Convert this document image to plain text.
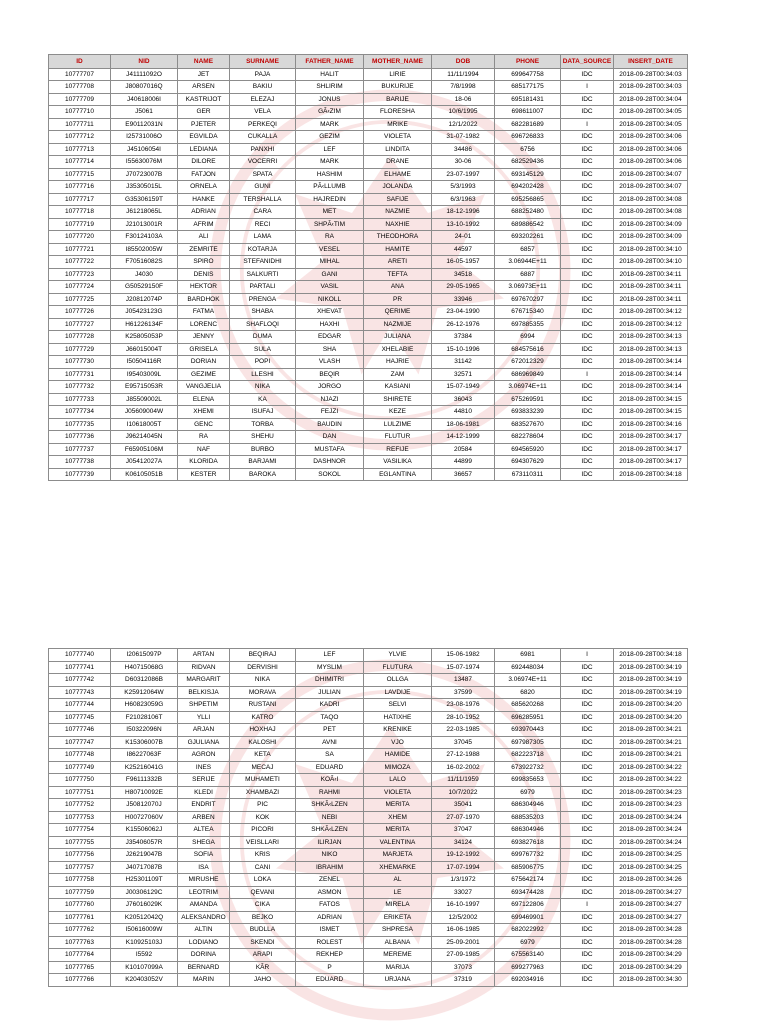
ID	NID	NAME	SURNAME	FATHER_NAME	MOTHER_NAME	DOB	PHONE	DATA_SOURCE	INSERT_DATE
10777707	J41111092O	JET	PAJA	HALIT	LIRIE	11/11/1994	699647758	IDC	2018-09-28T00:34:03
10777708	J80807016Q	ARSEN	BAKIU	SHLIRIM	BUKURIJE	7/8/1998	685177175	I	2018-09-28T00:34:03
10777709	J40618006I	KASTRIJOT	ELEZAJ	JONUS	BARIJE	18-06	695181431	IDC	2018-09-28T00:34:04
10777710	J5061	GER	VELA	GÃ‹ZIM	FLORESHA	10/6/1995	698611007	IDC	2018-09-28T00:34:05
10777711	E90112031N	PJETER	PERKEQI	MARK	MRIKE	12/1/2022	682281689	I	2018-09-28T00:34:05
10777712	I25731006O	EGVILDA	CUKALLA	GEZIM	VIOLETA	31-07-1982	696726833	IDC	2018-09-28T00:34:06
10777713	J45106054I	LEDIANA	PANXHI	LEF	LINDITA	34486	6756	IDC	2018-09-28T00:34:06
10777714	I55630076M	DILORE	VOCERRI	MARK	DRANE	30-06	682529436	IDC	2018-09-28T00:34:06
10777715	J70723007B	FATJON	SPATA	HASHIM	ELHAME	23-07-1997	693145129	IDC	2018-09-28T00:34:07
10777716	J35305015L	ORNELA	GUNI	PÃ‹LLUMB	JOLANDA	5/3/1993	694202428	IDC	2018-09-28T00:34:07
10777717	G35306159T	HANKE	TERSHALLA	HAJREDIN	SAFIJE	6/3/1963	695256865	IDC	2018-09-28T00:34:08
10777718	J61218065L	ADRIAN	CARA	MET	NAZMIE	18-12-1996	688252480	IDC	2018-09-28T00:34:08
10777719	J21013001R	AFRIM	RECI	SHPÃ‹TIM	NAXHIE	13-10-1992	689886542	IDC	2018-09-28T00:34:09
10777720	F30124103A	ALI	LAMA	RA	THEODHORA	24-01	693202261	IDC	2018-09-28T00:34:09
10777721	I85502005W	ZEMRITE	KOTARJA	VESEL	HAMITE	44597	6857	IDC	2018-09-28T00:34:10
10777722	F70516082S	SPIRO	STEFANIDHI	MIHAL	ARETI	16-05-1957	3.06944E+11	IDC	2018-09-28T00:34:10
10777723	J4030	DENIS	SALKURTI	GANI	TEFTA	34518	6887	IDC	2018-09-28T00:34:11
10777724	G50529150F	HEKTOR	PARTALI	VASIL	ANA	29-05-1965	3.06973E+11	IDC	2018-09-28T00:34:11
10777725	J20812074P	BARDHOK	PRENGA	NIKOLL	PR	33946	697670297	IDC	2018-09-28T00:34:11
10777726	J05423123G	FATMA	SHABA	XHEVAT	QERIME	23-04-1990	676715340	IDC	2018-09-28T00:34:12
10777727	H61226134F	LORENC	SHAFLOQI	HAXHI	NAZMIJE	26-12-1976	697885355	IDC	2018-09-28T00:34:12
10777728	K25805053P	JENNY	DUMA	EDGAR	JULIANA	37384	6994	IDC	2018-09-28T00:34:13
10777729	J66015004T	GRISELA	SULA	SHA	XHELABIE	15-10-1996	684575616	IDC	2018-09-28T00:34:13
10777730	I50504116R	DORIAN	POPI	VLASH	HAJRIE	31142	672012329	IDC	2018-09-28T00:34:14
10777731	I95403009L	GEZIME	LLESHI	BEQIR	ZAM	32571	686969849	I	2018-09-28T00:34:14
10777732	E95715053R	VANGJELIA	NIKA	JORGO	KASIANI	15-07-1949	3.06974E+11	IDC	2018-09-28T00:34:14
10777733	J85509002L	ELENA	KA	NJAZI	SHIRETE	36043	675269591	IDC	2018-09-28T00:34:15
10777734	J05609004W	XHEMI	ISUFAJ	FEJZI	KEZE	44810	693833239	IDC	2018-09-28T00:34:15
10777735	I10618005T	GENC	TORBA	BAUDIN	LULZIME	18-06-1981	683527670	IDC	2018-09-28T00:34:16
10777736	J96214045N	RA	SHEHU	DAN	FLUTUR	14-12-1999	682278604	IDC	2018-09-28T00:34:17
10777737	F65905106M	NAF	BURBO	MUSTAFA	REFIJE	20584	694565920	IDC	2018-09-28T00:34:17
10777738	J05412027A	KLORIDA	BARJAMI	DASHNOR	VASILIKA	44899	694307629	IDC	2018-09-28T00:34:17
10777739	K06105051B	KESTER	BAROKA	SOKOL	EGLANTINA	36657	673110311	IDC	2018-09-28T00:34:18
10777740	I20615097P	ARTAN	BEQIRAJ	LEF	YLVIE	15-06-1982	6981	I	2018-09-28T00:34:18
10777741	H40715068G	RIDVAN	DERVISHI	MYSLIM	FLUTURA	15-07-1974	692448034	IDC	2018-09-28T00:34:19
10777742	D60312086B	MARGARIT	NIKA	DHIMITRI	OLLGA	13487	3.06974E+11	IDC	2018-09-28T00:34:19
10777743	K25912064W	BELKISJA	MORAVA	JULIAN	LAVDIJE	37599	6820	IDC	2018-09-28T00:34:19
10777744	H60823059G	SHPETIM	RUSTANI	KADRI	SELVI	23-08-1976	685620268	IDC	2018-09-28T00:34:20
10777745	F21028106T	YLLI	KATRO	TAQO	HATIXHE	28-10-1952	696285951	IDC	2018-09-28T00:34:20
10777746	I50322096N	ARJAN	HOXHAJ	PET	KRENIKE	22-03-1985	693970443	IDC	2018-09-28T00:34:21
10777747	K15306007B	GJULIANA	KALOSHI	AVNI	VJO	37045	697987305	IDC	2018-09-28T00:34:21
10777748	I86227063F	AGRON	KETA	SA	HAMIDE	27-12-1988	682223718	IDC	2018-09-28T00:34:21
10777749	K25216041G	INES	MECAJ	EDUARD	MIMOZA	16-02-2002	673922732	IDC	2018-09-28T00:34:22
10777750	F96111332B	SERIJE	MUHAMETI	KOÃ‹I	LALO	11/11/1959	699835653	IDC	2018-09-28T00:34:22
10777751	H80710092E	KLEDI	XHAMBAZI	RAHMI	VIOLETA	10/7/2022	6979	IDC	2018-09-28T00:34:23
10777752	J50812070J	ENDRIT	PIC	SHKÃ‹LZEN	MERITA	35041	686304946	IDC	2018-09-28T00:34:23
10777753	H00727060V	ARBEN	KOK	NEBI	XHEM	27-07-1970	688535203	IDC	2018-09-28T00:34:24
10777754	K15506062J	ALTEA	PICORI	SHKÃ‹LZEN	MERITA	37047	686304946	IDC	2018-09-28T00:34:24
10777755	J35406057R	SHEGA	VEISLLARI	ILIRJAN	VALENTINA	34124	693827618	IDC	2018-09-28T00:34:24
10777756	J26219047B	SOFIA	KRIS	NIKO	MARJETA	19-12-1992	699767732	IDC	2018-09-28T00:34:25
10777757	J40717087B	ISA	CANI	IBRAHIM	XHEMARKE	17-07-1994	685906775	IDC	2018-09-28T00:34:25
10777758	H25301109T	MIRUSHE	LOKA	ZENEL	AL	1/3/1972	675642174	IDC	2018-09-28T00:34:26
10777759	J00306129C	LEOTRIM	QEVANI	ASMON	LE	33027	693474428	IDC	2018-09-28T00:34:27
10777760	J76016029K	AMANDA	CIKA	FATOS	MIRELA	16-10-1997	697122806	I	2018-09-28T00:34:27
10777761	K20512042Q	ALEKSANDRO	BEJKO	ADRIAN	ERIKETA	12/5/2002	699469901	IDC	2018-09-28T00:34:27
10777762	I50616009W	ALTIN	BUDLLA	ISMET	SHPRESA	16-06-1985	682022992	IDC	2018-09-28T00:34:28
10777763	K10925103J	LODIANO	SKENDI	ROLEST	ALBANA	25-09-2001	6979	IDC	2018-09-28T00:34:28
10777764	I5592	DORINA	ARAPI	REKHEP	MEREME	27-09-1985	675563140	IDC	2018-09-28T00:34:29
10777765	K10107099A	BERNARD	KÃR	P	MARIJA	37073	699277963	IDC	2018-09-28T00:34:29
10777766	K20403052V	MARIN	JAHO	EDUARD	URJANA	37319	692034916	IDC	2018-09-28T00:34:30
